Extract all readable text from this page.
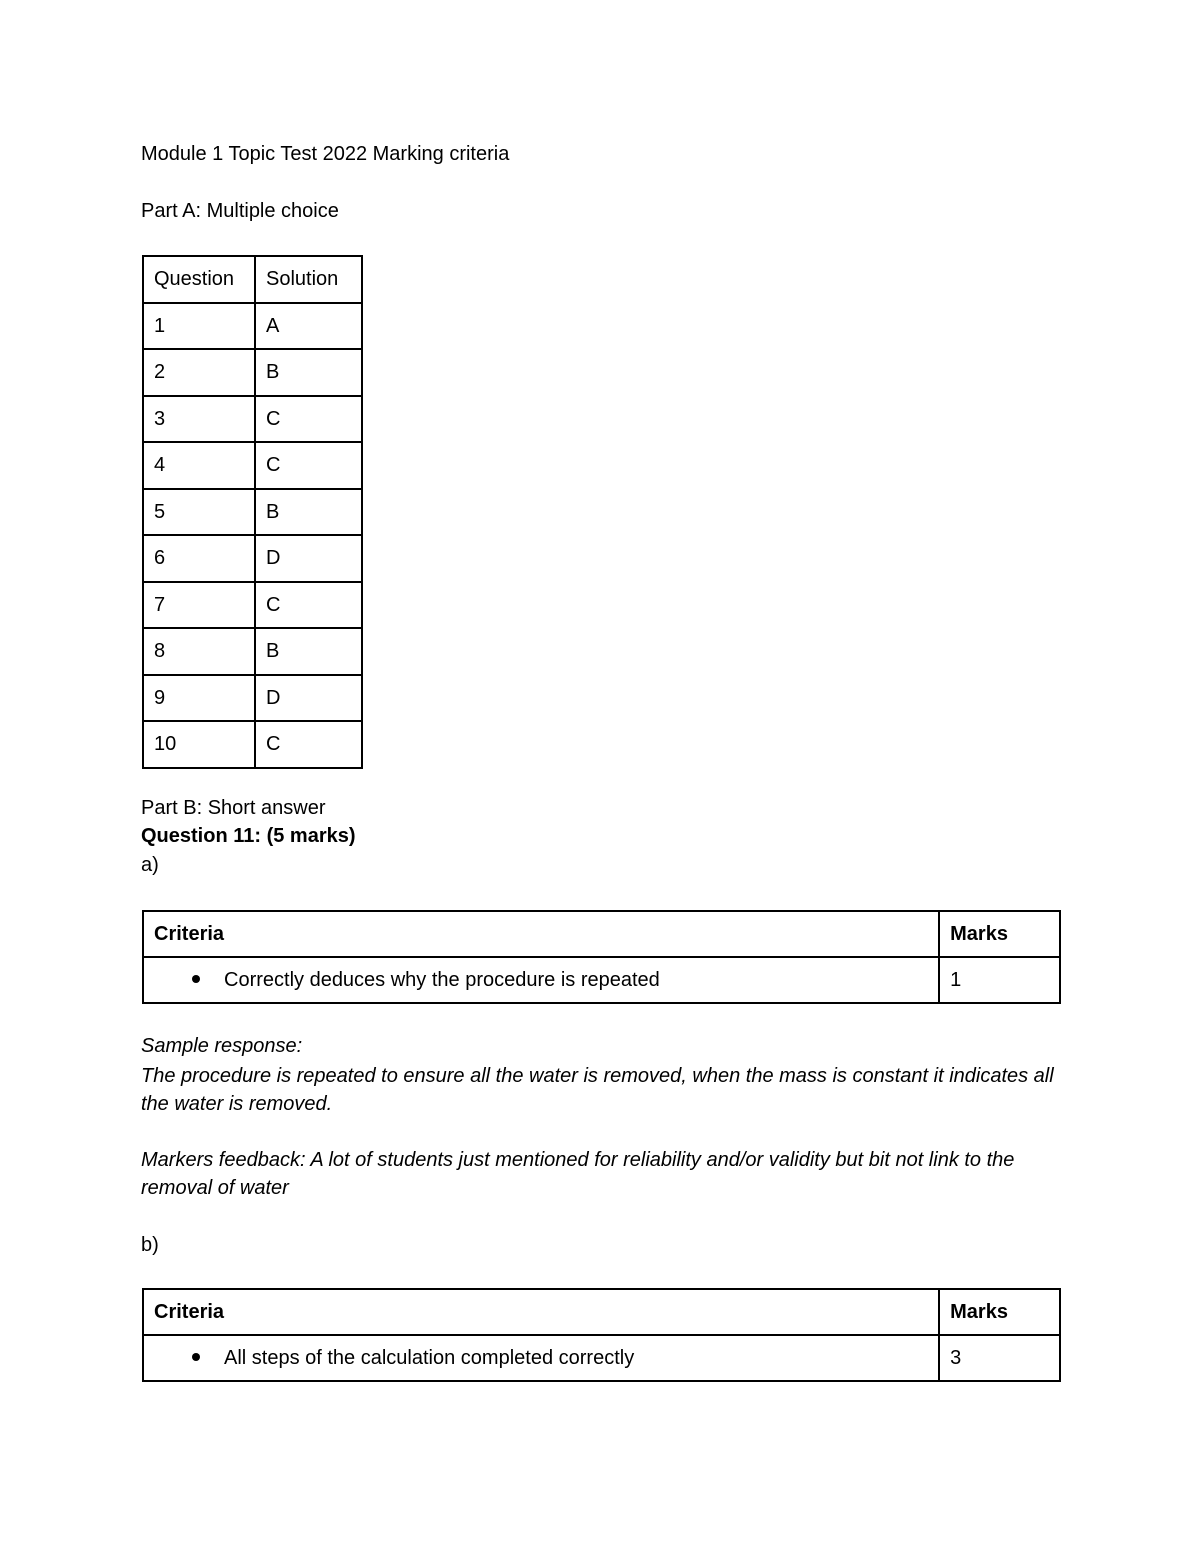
Module 1 Topic Test 2022 Marking criteria
Part A: Multiple choice
Question	Solution
1	A
2	B
3	C
4	C
5	B
6	D
7	C
8	B
9	D
10	C
Part B: Short answer
Question 11: (5 marks)
a)
Criteria	Marks
Correctly deduces why the procedure is repeated	1
Sample response:
The procedure is repeated to ensure all the water is removed, when the mass is constant it indicates all the water is removed.
Markers feedback: A lot of students just mentioned for reliability and/or validity but bit not link to the removal of water
b)
Criteria	Marks
All steps of the calculation completed correctly	3
